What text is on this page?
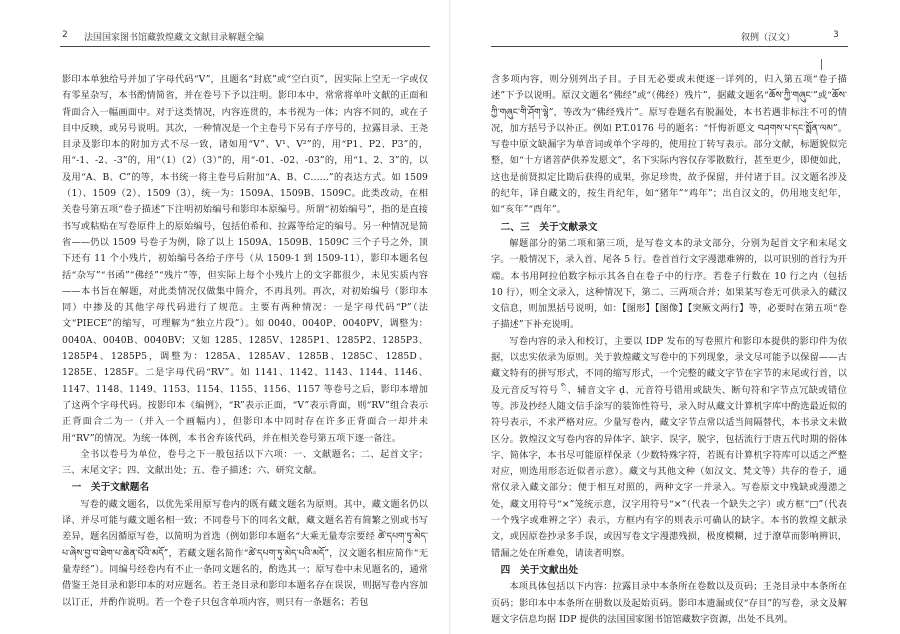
2 法国国家图书馆藏敦煌藏文文献目录解题全编

影印本单独给号并加了字母代码“V”，且题名“封底”或“空白页”，因实际上空无一字或仅有零星杂写，本书酌情简省，并在卷号下予以注明。影印本中，常常将单叶文献的正面和背面合入一幅画面中。对于这类情况，内容连贯的，本书视为一体；内容不同的，或在子目中反映，或另号说明。其次，一种情况是一个主卷号下另有子序号的，拉露目录、王尧目录及影印本的附加方式不尽一致，诸如用“V”、V¹、V²”的，用“P1、P2、P3”的，用“-1、-2、-3”的，用“（1）（2）（3）”的，用“-01、-02、-03”的，用“1、2、3”的，以及用“A、B、C”的等，本书统一将主卷号后附加“A、B、C……”的表达方式。如 1509（1）、1509（2）、1509（3），统一为：1509A、1509B、1509C。此类改动，在相关卷号第五项“卷子描述”下注明初始编号和影印本原编号。所谓“初始编号”，指的是直接书写或粘贴在写卷原件上的原始编号，包括伯希和、拉露等给定的编号。另一种情况是简省——仍以 1509 号卷子为例，除了以上 1509A、1509B、1509C 三个子号之外，顶下还有 11 个小残片，初始编号各给子序号（从 1509-1 到 1509-11），影印本题名包括“杂写”“书函”“佛经”“残片”等，但实际上每个小残片上的文字都很少，未见实质内容——本书旨在解题，对此类情况仅做集中简介，不再具列。再次，对初始编号（影印本同）中掺及的其他字母代码进行了规范。主要有两种情况：一是字母代码“P”（法文“PIECE”的缩写，可理解为“独立片段”）。如 0040、0040P、0040PV，调整为：0040A、0040B、0040BV；又如 1285、1285V、1285P1、1285P2、1285P3、1285P4、1285P5，调整为：1285A、1285AV、1285B、1285C、1285D、1285E、1285F。二是字母代码“RV”。如 1141、1142、1143、1144、1146、1147、1148、1149、1153、1154、1155、1156、1157 等卷号之后，影印本增加了这两个字母代码。按影印本《编例》，“R”表示正面，“V”表示背面，则“RV”组合表示正背面合二为一（并入一个画幅内），但影印本中同时存在许多正背面合一却并未用“RV”的情况。为统一体例，本书舍弃该代码，并在相关卷号第五项下逐一备注。

全书以卷号为单位，卷号之下一般包括以下六项：一、文献题名；二、起首文字；三、末尾文字；四、文献出处；五、卷子描述；六、研究文献。

一　关于文献题名

写卷的藏文题名，以优先采用原写卷内的既有藏文题名为原则。其中，藏文题名仍以译、并尽可能与藏文题名相一致；不同卷号下的同名文献，藏文题名若有简繁之别或书写差异，题名因循原写卷，以简明为首选（例如影印本题名“大乘无量寿宗要经 ཚེ་དཔག་ཏུ་མེད་པ་ཞེས་བྱ་བ་ཐེག་པ་ཆེན་པོའི་མདོ”，若藏文题名简作“ཚེ་དཔག་ཏུ་མེད་པའི་མདོ”，汉文题名相应简作“无量寿经”）。同编号经卷内有不止一条同文题名的，酌选其一；原写卷中未见题名的，通常借鉴王尧目录和影印本的对应题名。若王尧目录和影印本题名存在误误，则据写卷内容加以订正，并酌作说明。若一个卷子只包含单项内容，则只有一条题名；若包

叙例（汉文）	3

含多项内容，则分别列出子目。子目无必要或未便逐一详列的，归入第五项“卷子描述”下予以说明。原汉文题名“佛经”或“（佛经）残片”，据藏文题名“ཆོས་ཀྱི་གཞུང་”或“ཆོས་ཀྱི་གཞུང་གི་ཤོག་ལྷེ”，等改为“佛经残片”。原写卷题名有脱漏处，本书若遇非标注不可的情况，加方括号予以补正。例如 P.T.0176 号的题名：“忏悔祈愿文 བཤགས་པ་དང་སྨོན་ལམ”。写卷中原文缺漏字为单音词或单个字母的，使用拉丁转写表示。部分文献，标题貌似完整，如“十方诸菩萨供养发愿文”，名下实际内容仅存零散数行，甚至更少，即便如此，这也是前贤拟定比勘后获得的成果，弥足珍贵，故予保留，并付诸于目。汉文题名涉及的纪年，译自藏文的，按生肖纪年，如“猪年”“鸡年”；出自汉文的，仍用地支纪年，如“亥年”“酉年”。

二、三　关于文献录文

解题部分的第二项和第三项，是写卷文本的录文部分，分别为起首文字和末尾文字。一般情况下，录入首、尾各 5 行。卷首首行文字漫漶难辨的，以可识别的首行为开端。本书用阿拉伯数字标示其各自在卷子中的行序。若卷子行数在 10 行之内（包括 10 行），则全文录入，这种情况下，第二、三两项合并；如果某写卷无可供录入的藏汉文信息，则加黑括号说明，如：【图形】【图像】【突厥文两行】等，必要时在第五项“卷子描述”下补充说明。

写卷内容的录入和校订，主要以 IDP 发布的写卷照片和影印本提供的影印件为依据，以忠实依录为原则。关于敦煌藏文写卷中的下列现象，录文尽可能予以保留——古藏文特有的拼写形式，不同的缩写形式，一个完整的藏文字节在字节的末尾或行首，以及元音反写符号 ི、辅音文字 ḍ、元音符号错用或缺失、断句符和字节点冗缺或错位等。涉及抄经人随文信手涂写的装饰性符号，录入时从藏文计算机字库中酌选最近似的符号表示，不求严格对应。少量写卷内，藏文字节点常以适当间隔替代，本书录文未做区分。敦煌汉文写卷内容的异体字、缺字、误字，脱字，包括流行于唐五代时期的俗体字、简体字，本书尽可能原样保录（少数特殊字符，若既有计算机字符库可以适之严整对应，则选用形态近似者示意）。藏文与其他文种（如汉文、梵文等）共存的卷子，通常仅录入藏文部分；便于相互对照的，两种文字一并录入。写卷原文中残缺或漫漶之处，藏文用符号“×”笼统示意，汉字用符号“×”（代表一个缺失之字）或方框“□”（代表一个残字或难辨之字）表示，方框内有字的则表示可确认的缺字。本书的敦煌文献录文，或因原卷抄录多手误，或因写卷文字漫漶残损，极度模糊，过于潦草而影响辨识，错漏之处在所难免，请读者明察。

四　关于文献出处

本项具体包括以下内容：拉露目录中本条所在卷数以及页码；王尧目录中本条所在页码；影印本中本条所在册数以及起始页码。影印本遗漏或仅“存目”的写卷，录文及解题文字信息均据 IDP 提供的法国国家图书馆馆藏数字资源，出处不具列。
